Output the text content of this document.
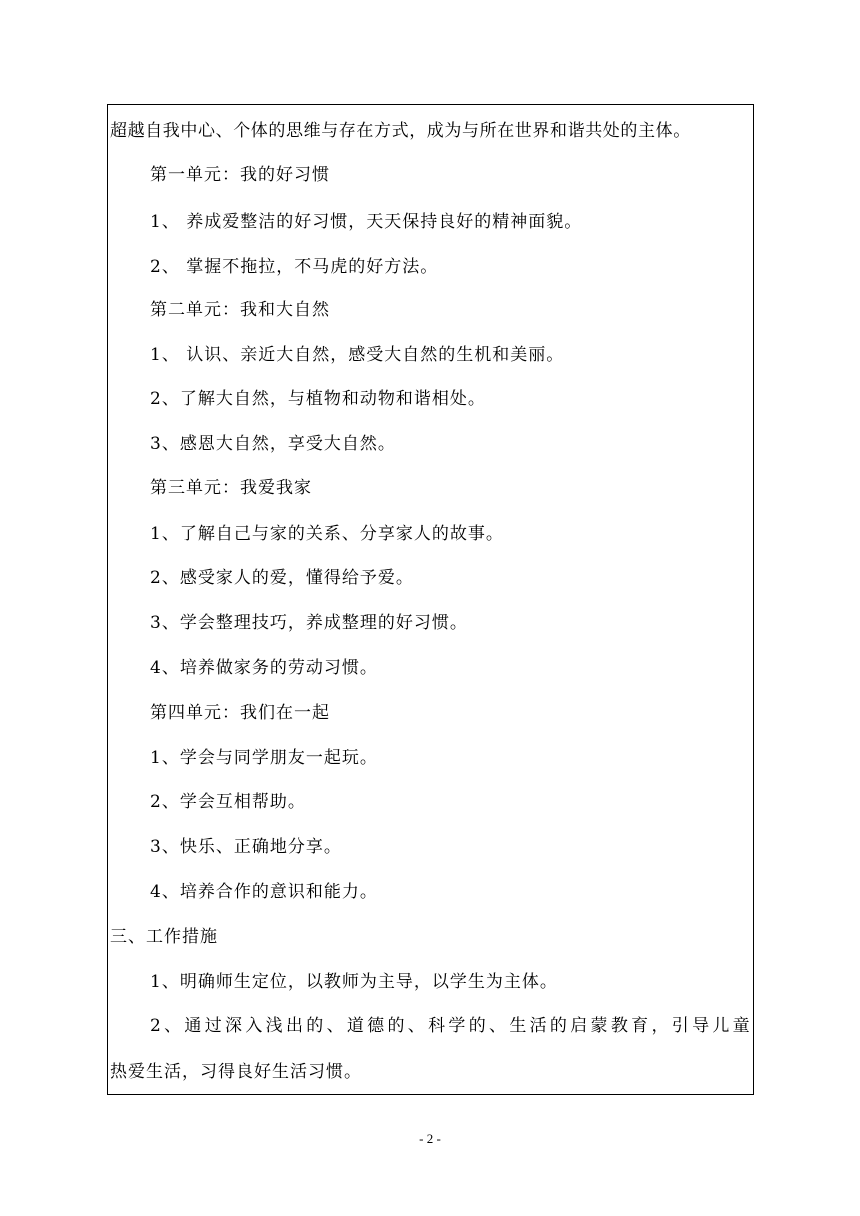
超越自我中心、个体的思维与存在方式，成为与所在世界和谐共处的主体。
第一单元：我的好习惯
1、 养成爱整洁的好习惯，天天保持良好的精神面貌。
2、 掌握不拖拉，不马虎的好方法。
第二单元：我和大自然
1、 认识、亲近大自然，感受大自然的生机和美丽。
2、了解大自然，与植物和动物和谐相处。
3、感恩大自然，享受大自然。
第三单元：我爱我家
1、了解自己与家的关系、分享家人的故事。
2、感受家人的爱，懂得给予爱。
3、学会整理技巧，养成整理的好习惯。
4、培养做家务的劳动习惯。
第四单元：我们在一起
1、学会与同学朋友一起玩。
2、学会互相帮助。
3、快乐、正确地分享。
4、培养合作的意识和能力。
三、工作措施
1、明确师生定位，以教师为主导，以学生为主体。
2、通过深入浅出的、道德的、科学的、生活的启蒙教育，引导儿童
热爱生活，习得良好生活习惯。
- 2 -
